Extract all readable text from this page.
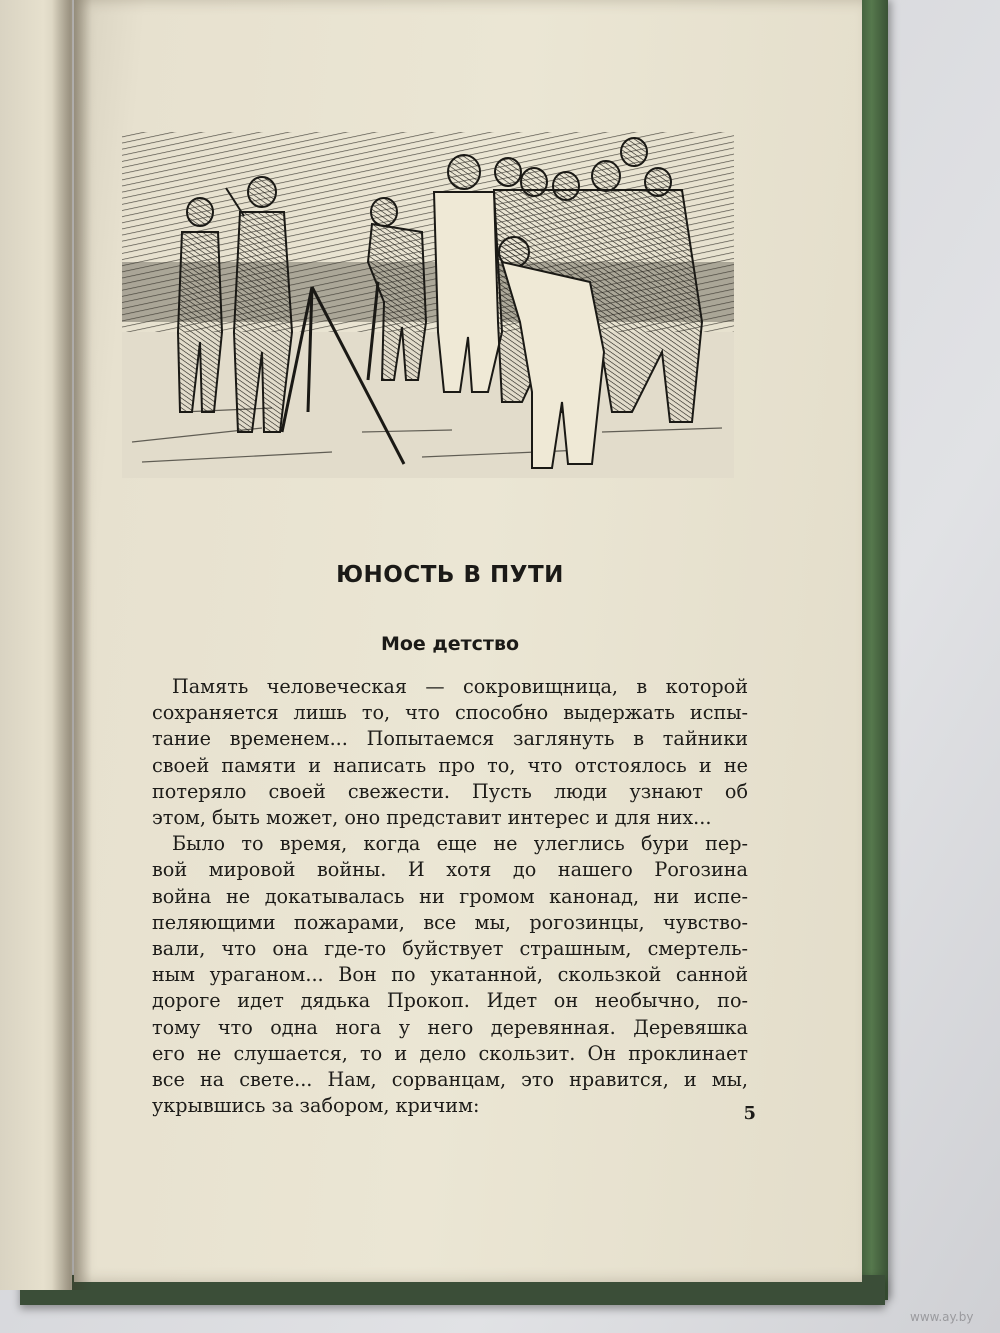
ЮНОСТЬ В ПУТИ
Мое детство
Память человеческая — сокровищница, в которой
сохраняется лишь то, что способно выдержать испы-
тание временем... Попытаемся заглянуть в тайники
своей памяти и написать про то, что отстоялось и не
потеряло своей свежести. Пусть люди узнают об
этом, быть может, оно представит интерес и для них...
Было то время, когда еще не улеглись бури пер-
вой мировой войны. И хотя до нашего Рогозина
война не докатывалась ни громом канонад, ни испе-
пеляющими пожарами, все мы, рогозинцы, чувство-
вали, что она где-то буйствует страшным, смертель-
ным ураганом... Вон по укатанной, скользкой санной
дороге идет дядька Прокоп. Идет он необычно, по-
тому что одна нога у него деревянная. Деревяшка
его не слушается, то и дело скользит. Он проклинает
все на свете... Нам, сорванцам, это нравится, и мы,
укрывшись за забором, кричим:	5
www.ay.by
